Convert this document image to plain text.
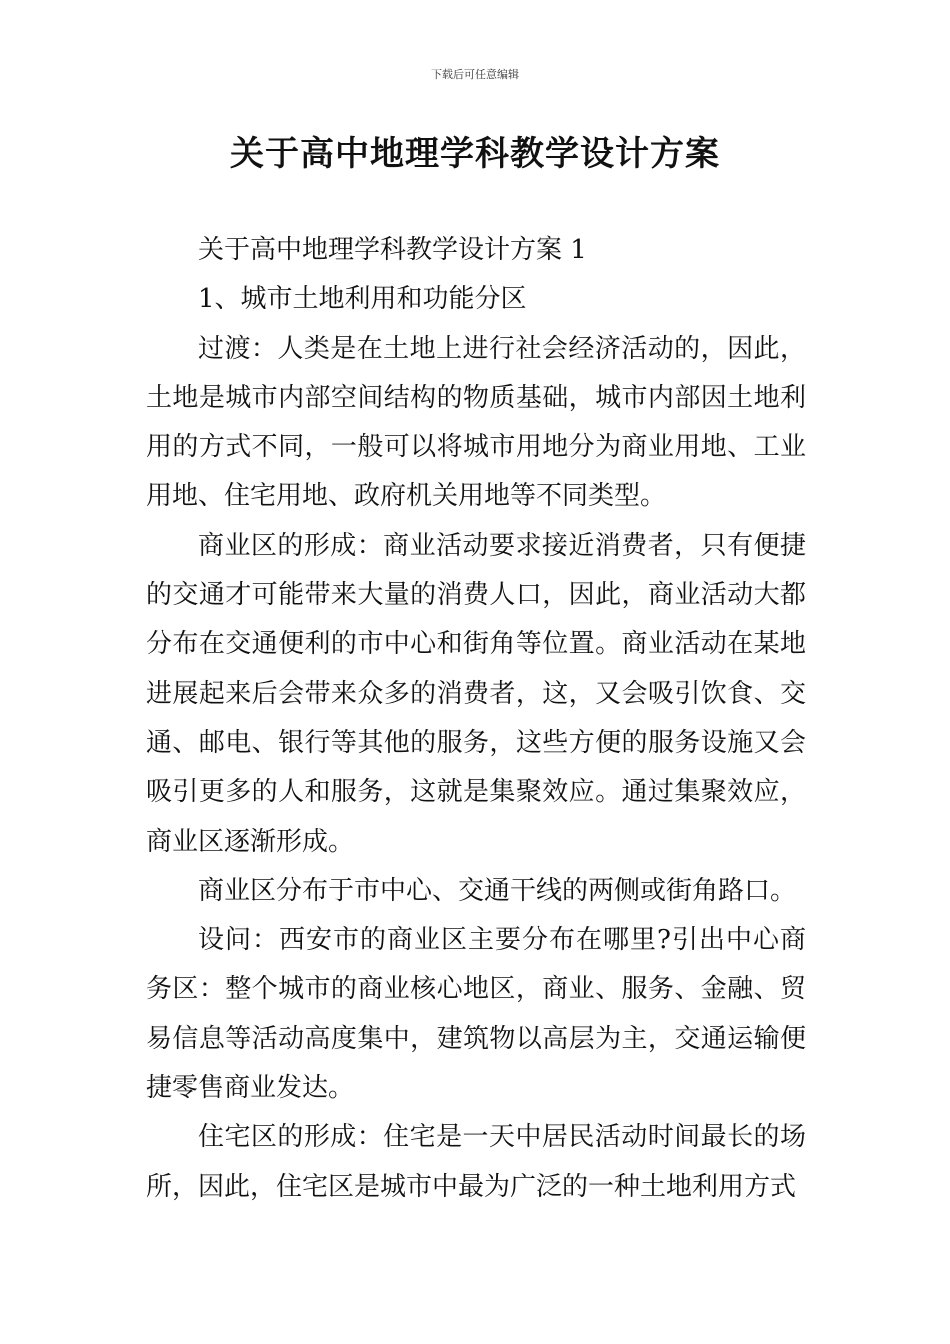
下载后可任意编辑
关于高中地理学科教学设计方案

关于高中地理学科教学设计方案 1

1、城市土地利用和功能分区

过渡：人类是在土地上进行社会经济活动的，因此，土地是城市内部空间结构的物质基础，城市内部因土地利用的方式不同，一般可以将城市用地分为商业用地、工业用地、住宅用地、政府机关用地等不同类型。

商业区的形成：商业活动要求接近消费者，只有便捷的交通才可能带来大量的消费人口，因此，商业活动大都分布在交通便利的市中心和街角等位置。商业活动在某地进展起来后会带来众多的消费者，这，又会吸引饮食、交通、邮电、银行等其他的服务，这些方便的服务设施又会吸引更多的人和服务，这就是集聚效应。通过集聚效应，商业区逐渐形成。

商业区分布于市中心、交通干线的两侧或街角路口。

设问：西安市的商业区主要分布在哪里?引出中心商务区：整个城市的商业核心地区，商业、服务、金融、贸易信息等活动高度集中，建筑物以高层为主，交通运输便捷零售商业发达。

住宅区的形成：住宅是一天中居民活动时间最长的场所，因此，住宅区是城市中最为广泛的一种土地利用方式
